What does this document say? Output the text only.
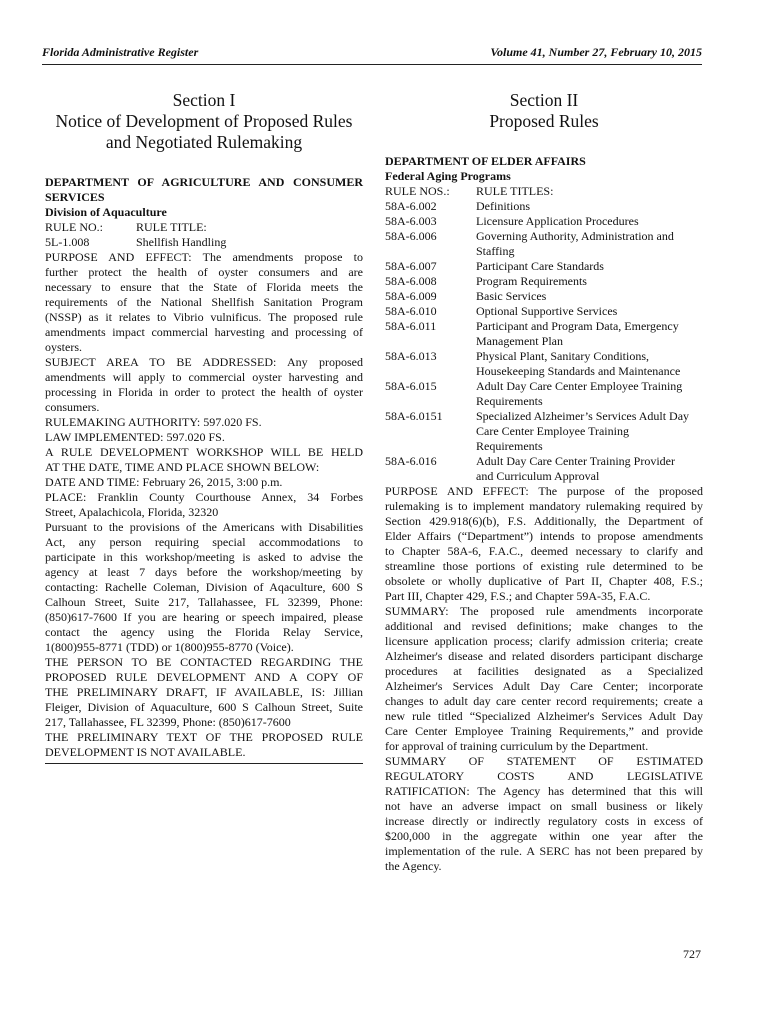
Florida Administrative Register	Volume 41, Number 27, February 10, 2015
Section I
Notice of Development of Proposed Rules
and Negotiated Rulemaking
DEPARTMENT OF AGRICULTURE AND CONSUMER
SERVICES
Division of Aquaculture
RULE NO.:	RULE TITLE:
5L-1.008	Shellfish Handling
PURPOSE AND EFFECT: The amendments propose to
further protect the health of oyster consumers and are
necessary to ensure that the State of Florida meets the
requirements of the National Shellfish Sanitation Program
(NSSP) as it relates to Vibrio vulnificus. The proposed rule
amendments impact commercial harvesting and processing of
oysters.
SUBJECT AREA TO BE ADDRESSED: Any proposed
amendments will apply to commercial oyster harvesting and
processing in Florida in order to protect the health of oyster
consumers.
RULEMAKING AUTHORITY: 597.020 FS.
LAW IMPLEMENTED: 597.020 FS.
A RULE DEVELOPMENT WORKSHOP WILL BE HELD
AT THE DATE, TIME AND PLACE SHOWN BELOW:
DATE AND TIME: February 26, 2015, 3:00 p.m.
PLACE: Franklin County Courthouse Annex, 34 Forbes
Street, Apalachicola, Florida, 32320
Pursuant to the provisions of the Americans with Disabilities
Act, any person requiring special accommodations to
participate in this workshop/meeting is asked to advise the
agency at least 7 days before the workshop/meeting by
contacting: Rachelle Coleman, Division of Aqaculture, 600 S
Calhoun Street, Suite 217, Tallahassee, FL 32399, Phone:
(850)617-7600 If you are hearing or speech impaired, please
contact the agency using the Florida Relay Service,
1(800)955-8771 (TDD) or 1(800)955-8770 (Voice).
THE PERSON TO BE CONTACTED REGARDING THE
PROPOSED RULE DEVELOPMENT AND A COPY OF
THE PRELIMINARY DRAFT, IF AVAILABLE, IS: Jillian
Fleiger, Division of Aquaculture, 600 S Calhoun Street, Suite
217, Tallahassee, FL 32399, Phone: (850)617-7600
THE PRELIMINARY TEXT OF THE PROPOSED RULE
DEVELOPMENT IS NOT AVAILABLE.
Section II
Proposed Rules
DEPARTMENT OF ELDER AFFAIRS
Federal Aging Programs
RULE NOS.:	RULE TITLES:
58A-6.002	Definitions
58A-6.003	Licensure Application Procedures
58A-6.006	Governing Authority, Administration and
Staffing
58A-6.007	Participant Care Standards
58A-6.008	Program Requirements
58A-6.009	Basic Services
58A-6.010	Optional Supportive Services
58A-6.011	Participant and Program Data, Emergency
Management Plan
58A-6.013	Physical Plant, Sanitary Conditions,
Housekeeping Standards and Maintenance
58A-6.015	Adult Day Care Center Employee Training
Requirements
58A-6.0151	Specialized Alzheimer’s Services Adult Day
Care Center Employee Training
Requirements
58A-6.016	Adult Day Care Center Training Provider
and Curriculum Approval
PURPOSE AND EFFECT: The purpose of the proposed
rulemaking is to implement mandatory rulemaking required by
Section 429.918(6)(b), F.S. Additionally, the Department of
Elder Affairs (“Department”) intends to propose amendments
to Chapter 58A-6, F.A.C., deemed necessary to clarify and
streamline those portions of existing rule determined to be
obsolete or wholly duplicative of Part II, Chapter 408, F.S.;
Part III, Chapter 429, F.S.; and Chapter 59A-35, F.A.C.
SUMMARY: The proposed rule amendments incorporate
additional and revised definitions; make changes to the
licensure application process; clarify admission criteria; create
Alzheimer's disease and related disorders participant discharge
procedures at facilities designated as a Specialized
Alzheimer's Services Adult Day Care Center; incorporate
changes to adult day care center record requirements; create a
new rule titled “Specialized Alzheimer's Services Adult Day
Care Center Employee Training Requirements,” and provide
for approval of training curriculum by the Department.
SUMMARY OF STATEMENT OF ESTIMATED
REGULATORY COSTS AND LEGISLATIVE
RATIFICATION: The Agency has determined that this will
not have an adverse impact on small business or likely
increase directly or indirectly regulatory costs in excess of
$200,000 in the aggregate within one year after the
implementation of the rule. A SERC has not been prepared by
the Agency.
727
